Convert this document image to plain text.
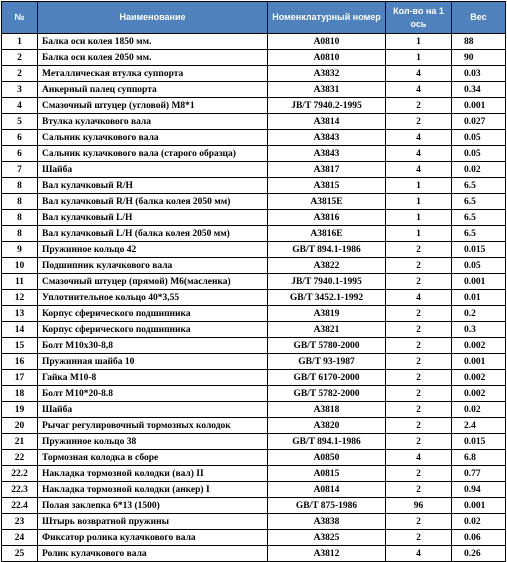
№	Наименование	Номенклатурный номер	Кол-во на 1 ось	Вес
1	Балка оси колея 1850 мм.	A0810	1	88
2	Балка оси колея 2050 мм.	A0810	1	90
2	Металлическая втулка суппорта	A3832	4	0.03
3	Анкерный палец суппорта	A3831	4	0.34
4	Смазочный штуцер (угловой) M8*1	JB/T 7940.2-1995	2	0.001
5	Втулка кулачкового вала	A3814	2	0.027
6	Сальник кулачкового вала	A3843	4	0.05
6	Сальник кулачкового вала (старого образца)	A3843	4	0.05
7	Шайба	A3817	4	0.02
8	Вал кулачковый R/H	A3815	1	6.5
8	Вал кулачковый R/H (балка колея 2050 мм)	A3815E	1	6.5
8	Вал кулачковый L/H	A3816	1	6.5
8	Вал кулачковый L/H (балка колея 2050 мм)	A3816E	1	6.5
9	Пружинное кольцо 42	GB/T 894.1-1986	2	0.015
10	Подшипник кулачкового вала	A3822	2	0.05
11	Смазочный штуцер (прямой) M6(масленка)	JB/T 7940.1-1995	2	0.001
12	Уплотнительное кольцо 40*3,55	GB/T 3452.1-1992	4	0.01
13	Корпус сферического подшипника	A3819	2	0.2
14	Корпус сферического подшипника	A3821	2	0.3
15	Болт M10x30-8,8	GB/T 5780-2000	2	0.002
16	Пружинная шайба 10	GB/T 93-1987	2	0.001
17	Гайка M10-8	GB/T 6170-2000	2	0.002
18	Болт M10*20-8.8	GB/T 5782-2000	2	0.002
19	Шайба	A3818	2	0.02
20	Рычаг регулировочный тормозных колодок	A3820	2	2.4
21	Пружинное кольцо 38	GB/T 894.1-1986	2	0.015
22	Тормозная колодка в сборе	A0850	4	6.8
22.2	Накладка тормозной колодки (вал) II	A0815	2	0.77
22.3	Накладка тормозной колодки (анкер) I	A0814	2	0.94
22.4	Полая заклепка 6*13 (1500)	GB/T 875-1986	96	0.001
23	Штырь возвратной пружины	A3838	2	0.02
24	Фиксатор ролика кулачкового вала	A3825	2	0.06
25	Ролик кулачкового вала	A3812	4	0.26
